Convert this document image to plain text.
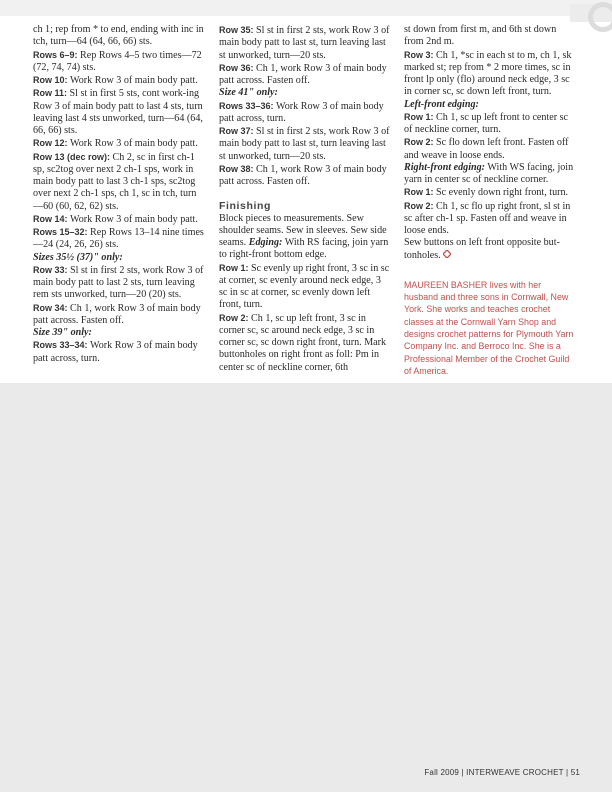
ch 1; rep from * to end, ending with inc in tch, turn—64 (64, 66, 66) sts.
Rows 6–9: Rep Rows 4–5 two times—72 (72, 74, 74) sts.
Row 10: Work Row 3 of main body patt.
Row 11: Sl st in first 5 sts, cont work-ing Row 3 of main body patt to last 4 sts, turn leaving last 4 sts unworked, turn—64 (64, 66, 66) sts.
Row 12: Work Row 3 of main body patt.
Row 13 (dec row): Ch 2, sc in first ch-1 sp, sc2tog over next 2 ch-1 sps, work in main body patt to last 3 ch-1 sps, sc2tog over next 2 ch-1 sps, ch 1, sc in tch, turn—60 (60, 62, 62) sts.
Row 14: Work Row 3 of main body patt.
Rows 15–32: Rep Rows 13–14 nine times—24 (24, 26, 26) sts.
Sizes 35½ (37)" only:
Row 33: Sl st in first 2 sts, work Row 3 of main body patt to last 2 sts, turn leaving rem sts unworked, turn—20 (20) sts.
Row 34: Ch 1, work Row 3 of main body patt across. Fasten off.
Size 39" only:
Rows 33–34: Work Row 3 of main body patt across, turn.
Row 35: Sl st in first 2 sts, work Row 3 of main body patt to last st, turn leaving last st unworked, turn—20 sts.
Row 36: Ch 1, work Row 3 of main body patt across. Fasten off.
Size 41" only:
Rows 33–36: Work Row 3 of main body patt across, turn.
Row 37: Sl st in first 2 sts, work Row 3 of main body patt to last st, turn leaving last st unworked, turn—20 sts.
Row 38: Ch 1, work Row 3 of main body patt across. Fasten off.
Finishing
Block pieces to measurements. Sew shoulder seams. Sew in sleeves. Sew side seams. Edging: With RS facing, join yarn to right-front bottom edge.
Row 1: Sc evenly up right front, 3 sc in sc at corner, sc evenly around neck edge, 3 sc in sc at corner, sc evenly down left front, turn.
Row 2: Ch 1, sc up left front, 3 sc in corner sc, sc around neck edge, 3 sc in corner sc, sc down right front, turn. Mark buttonholes on right front as foll: Pm in center sc of neckline corner, 6th
st down from first m, and 6th st down from 2nd m.
Row 3: Ch 1, *sc in each st to m, ch 1, sk marked st; rep from * 2 more times, sc in front lp only (flo) around neck edge, 3 sc in corner sc, sc down left front, turn.
Left-front edging:
Row 1: Ch 1, sc up left front to center sc of neckline corner, turn.
Row 2: Sc flo down left front. Fasten off and weave in loose ends.
Right-front edging: With WS facing, join yarn in center sc of neckline corner.
Row 1: Sc evenly down right front, turn.
Row 2: Ch 1, sc flo up right front, sl st in sc after ch-1 sp. Fasten off and weave in loose ends.
Sew buttons on left front opposite but-tonholes.
MAUREEN BASHER lives with her husband and three sons in Cornwall, New York. She works and teaches crochet classes at the Cornwall Yarn Shop and designs crochet patterns for Plymouth Yarn Company Inc. and Berroco Inc. She is a Professional Member of the Crochet Guild of America.
Fall 2009 | INTERWEAVE CROCHET | 51
